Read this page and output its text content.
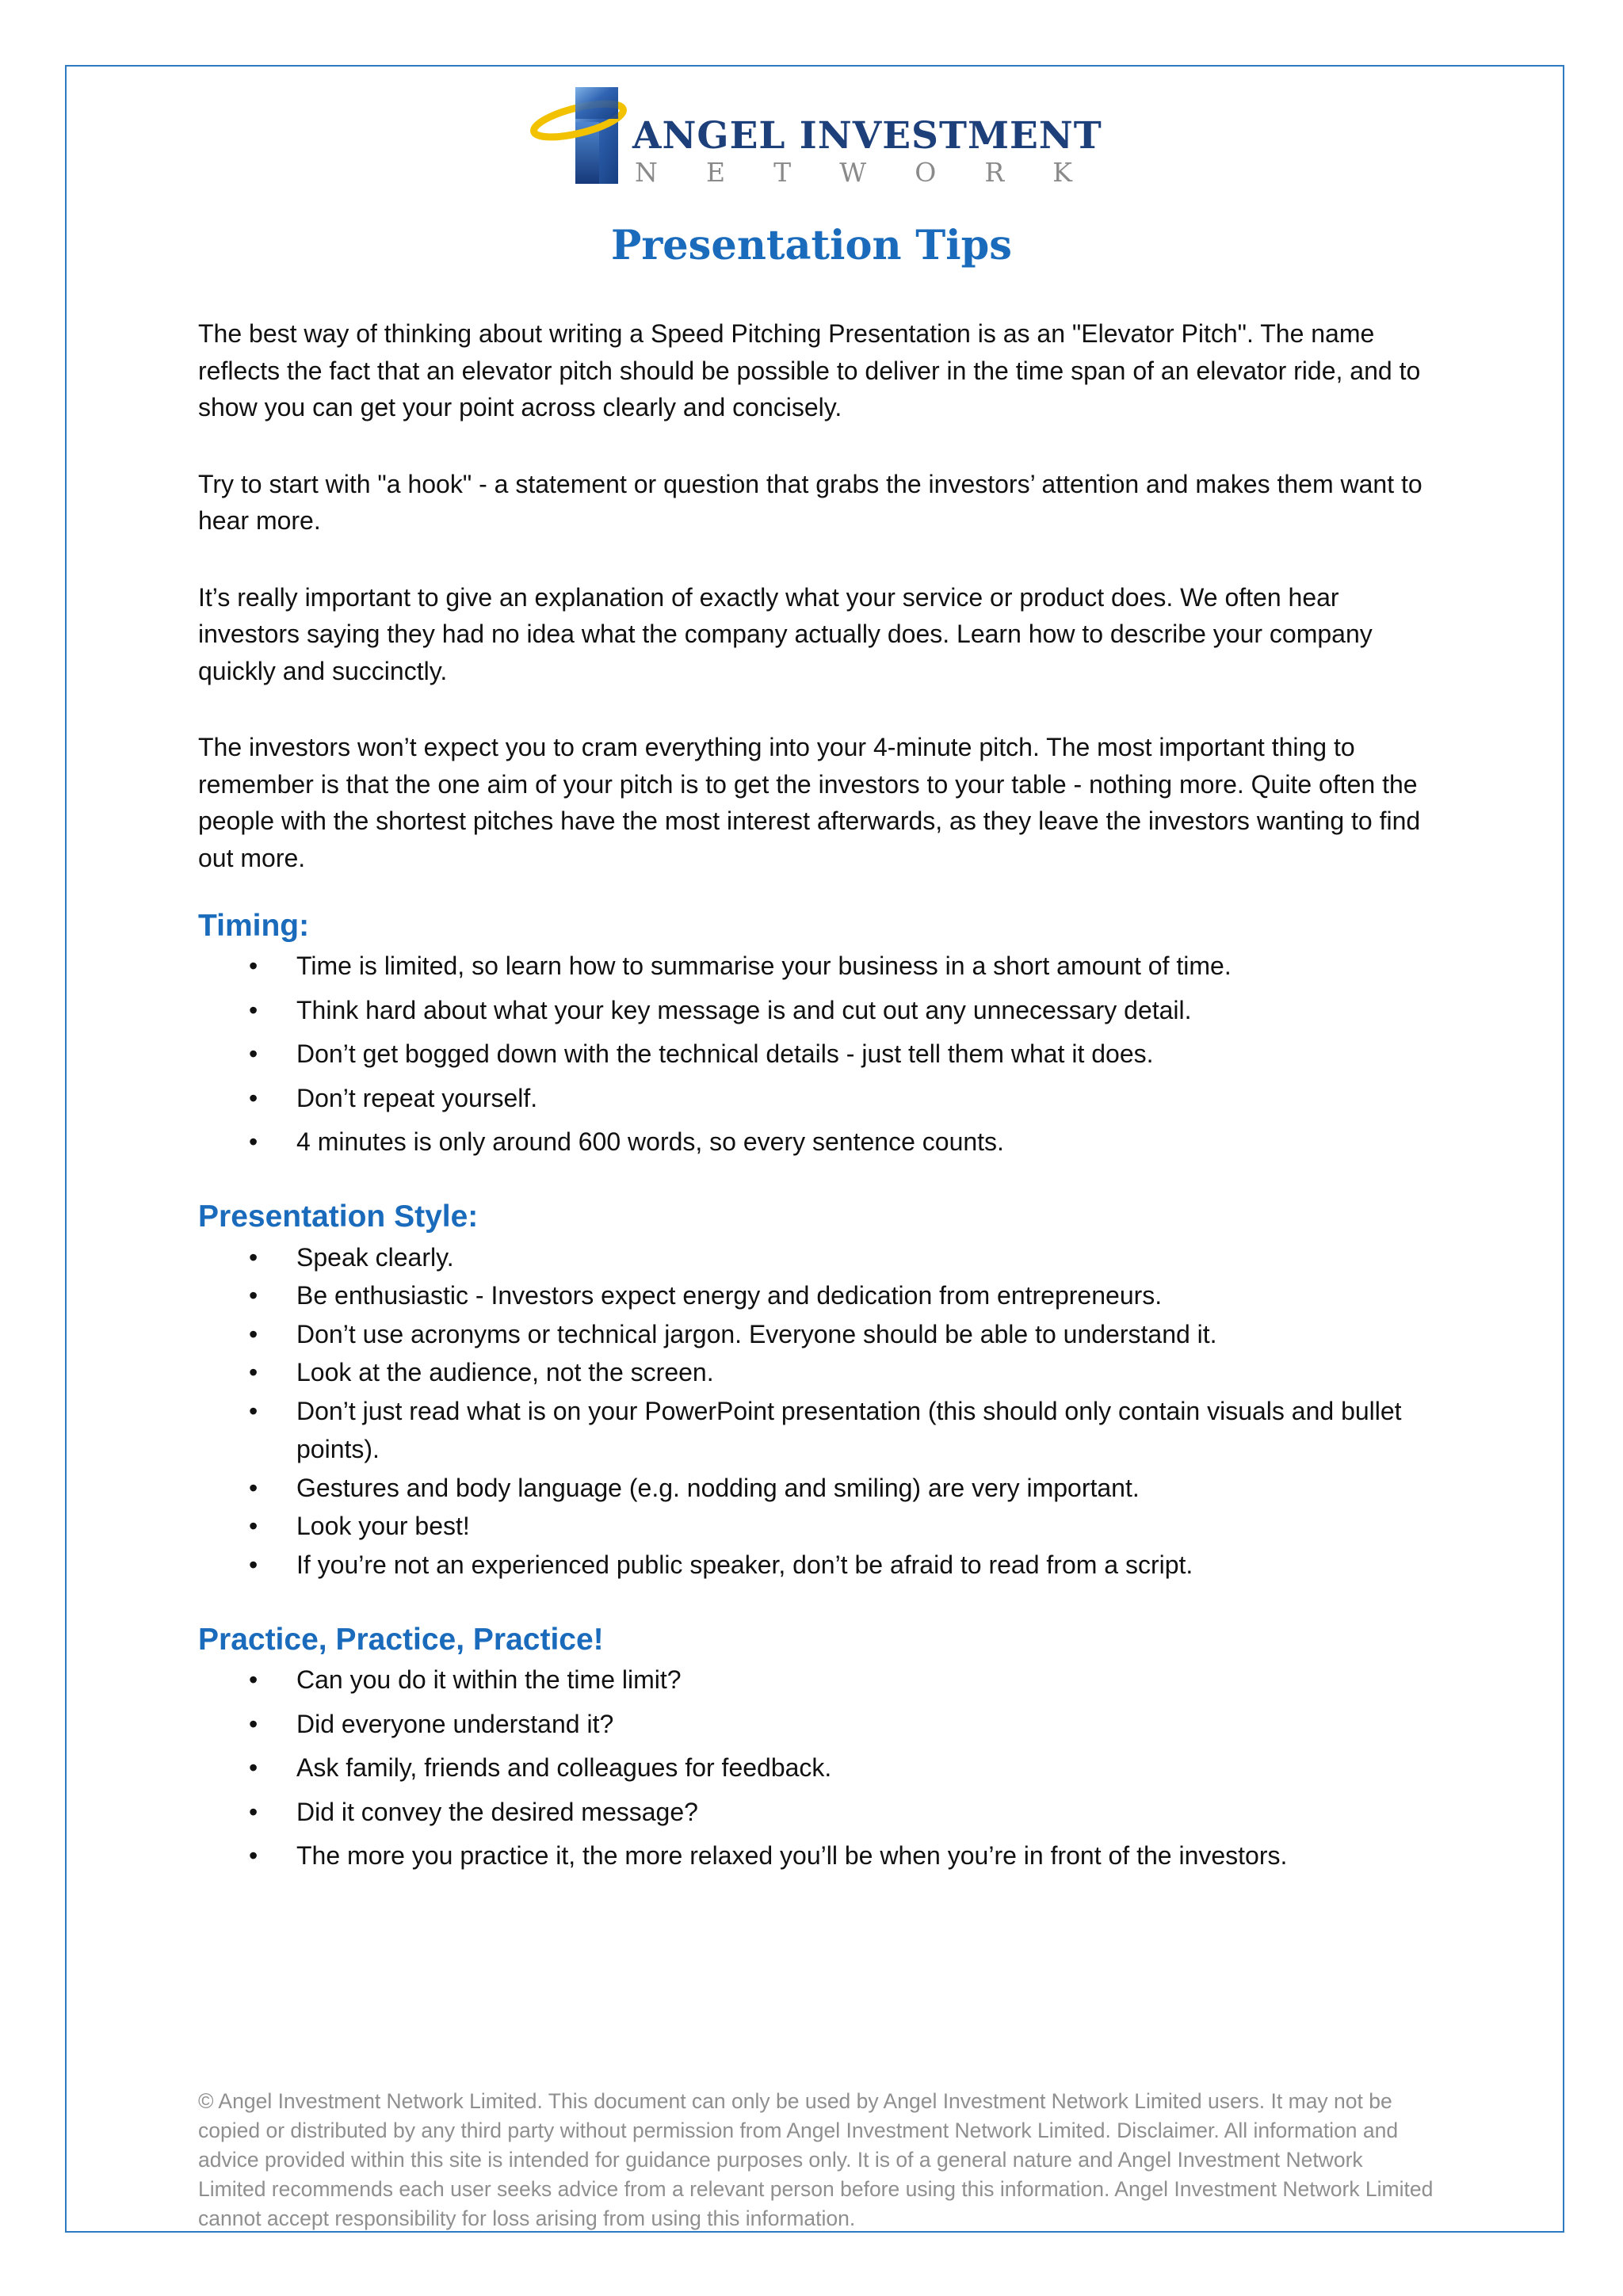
ANGEL INVESTMENT
N E T W O R K
Presentation Tips

The best way of thinking about writing a Speed Pitching Presentation is as an "Elevator Pitch". The name reflects the fact that an elevator pitch should be possible to deliver in the time span of an elevator ride, and to show you can get your point across clearly and concisely.

Try to start with "a hook" - a statement or question that grabs the investors’ attention and makes them want to hear more.

It’s really important to give an explanation of exactly what your service or product does. We often hear investors saying they had no idea what the company actually does. Learn how to describe your company quickly and succinctly.

The investors won’t expect you to cram everything into your 4-minute pitch. The most important thing to remember is that the one aim of your pitch is to get the investors to your table - nothing more. Quite often the people with the shortest pitches have the most interest afterwards, as they leave the investors wanting to find out more.

Timing:
• Time is limited, so learn how to summarise your business in a short amount of time.
• Think hard about what your key message is and cut out any unnecessary detail.
• Don’t get bogged down with the technical details - just tell them what it does.
• Don’t repeat yourself.
• 4 minutes is only around 600 words, so every sentence counts.
Presentation Style:
• Speak clearly.
• Be enthusiastic - Investors expect energy and dedication from entrepreneurs.
• Don’t use acronyms or technical jargon. Everyone should be able to understand it.
• Look at the audience, not the screen.
• Don’t just read what is on your PowerPoint presentation (this should only contain visuals and bullet points).
• Gestures and body language (e.g. nodding and smiling) are very important.
• Look your best!
• If you’re not an experienced public speaker, don’t be afraid to read from a script.
Practice, Practice, Practice!
• Can you do it within the time limit?
• Did everyone understand it?
• Ask family, friends and colleagues for feedback.
• Did it convey the desired message?
• The more you practice it, the more relaxed you’ll be when you’re in front of the investors.

© Angel Investment Network Limited. This document can only be used by Angel Investment Network Limited users. It may not be copied or distributed by any third party without permission from Angel Investment Network Limited. Disclaimer. All information and advice provided within this site is intended for guidance purposes only. It is of a general nature and Angel Investment Network Limited recommends each user seeks advice from a relevant person before using this information. Angel Investment Network Limited cannot accept responsibility for loss arising from using this information.
